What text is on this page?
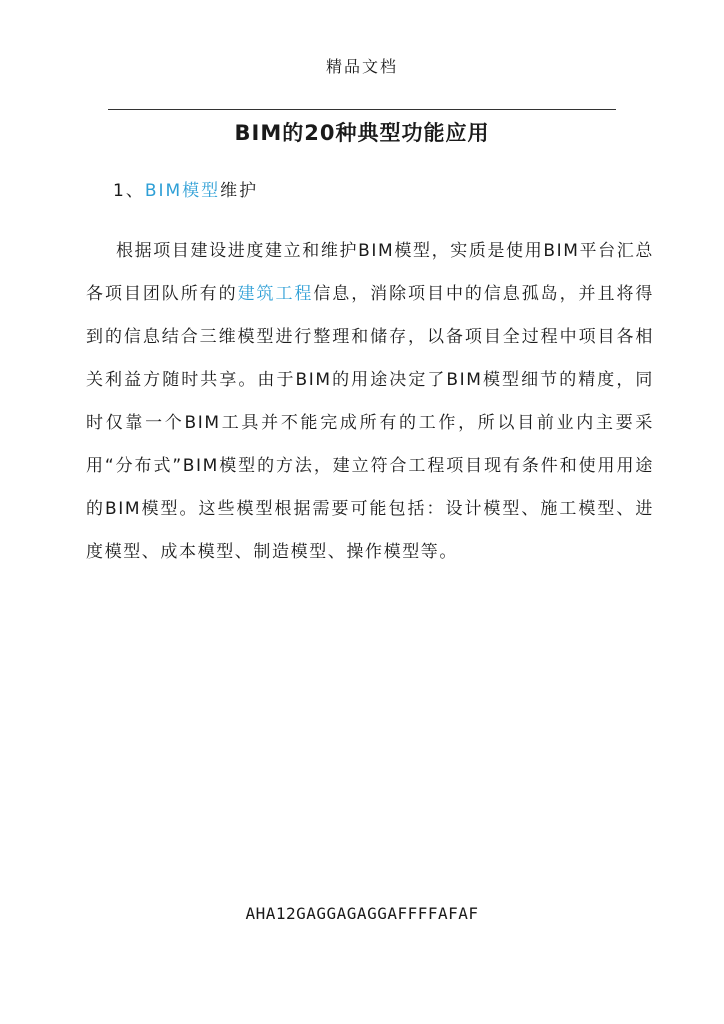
精品文档
BIM的20种典型功能应用
1、BIM模型维护

根据项目建设进度建立和维护BIM模型，实质是使用BIM平台汇总各项目团队所有的建筑工程信息，消除项目中的信息孤岛，并且将得到的信息结合三维模型进行整理和储存，以备项目全过程中项目各相关利益方随时共享。由于BIM的用途决定了BIM模型细节的精度，同时仅靠一个BIM工具并不能完成所有的工作，所以目前业内主要采用“分布式”BIM模型的方法，建立符合工程项目现有条件和使用用途的BIM模型。这些模型根据需要可能包括：设计模型、施工模型、进度模型、成本模型、制造模型、操作模型等。

AHA12GAGGAGAGGAFFFFAFAF
